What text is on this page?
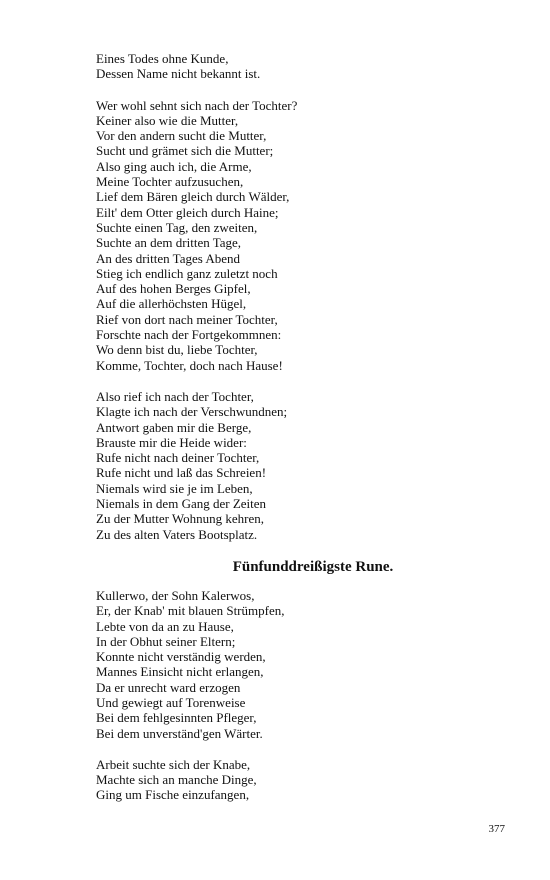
Eines Todes ohne Kunde,
Dessen Name nicht bekannt ist.
Wer wohl sehnt sich nach der Tochter?
Keiner also wie die Mutter,
Vor den andern sucht die Mutter,
Sucht und grämet sich die Mutter;
Also ging auch ich, die Arme,
Meine Tochter aufzusuchen,
Lief dem Bären gleich durch Wälder,
Eilt' dem Otter gleich durch Haine;
Suchte einen Tag, den zweiten,
Suchte an dem dritten Tage,
An des dritten Tages Abend
Stieg ich endlich ganz zuletzt noch
Auf des hohen Berges Gipfel,
Auf die allerhöchsten Hügel,
Rief von dort nach meiner Tochter,
Forschte nach der Fortgekommnen:
Wo denn bist du, liebe Tochter,
Komme, Tochter, doch nach Hause!
Also rief ich nach der Tochter,
Klagte ich nach der Verschwundnen;
Antwort gaben mir die Berge,
Brauste mir die Heide wider:
Rufe nicht nach deiner Tochter,
Rufe nicht und laß das Schreien!
Niemals wird sie je im Leben,
Niemals in dem Gang der Zeiten
Zu der Mutter Wohnung kehren,
Zu des alten Vaters Bootsplatz.
Fünfunddreißigste Rune.
Kullerwo, der Sohn Kalerwos,
Er, der Knab' mit blauen Strümpfen,
Lebte von da an zu Hause,
In der Obhut seiner Eltern;
Konnte nicht verständig werden,
Mannes Einsicht nicht erlangen,
Da er unrecht ward erzogen
Und gewiegt auf Torenweise
Bei dem fehlgesinnten Pfleger,
Bei dem unverständ'gen Wärter.
Arbeit suchte sich der Knabe,
Machte sich an manche Dinge,
Ging um Fische einzufangen,
377
